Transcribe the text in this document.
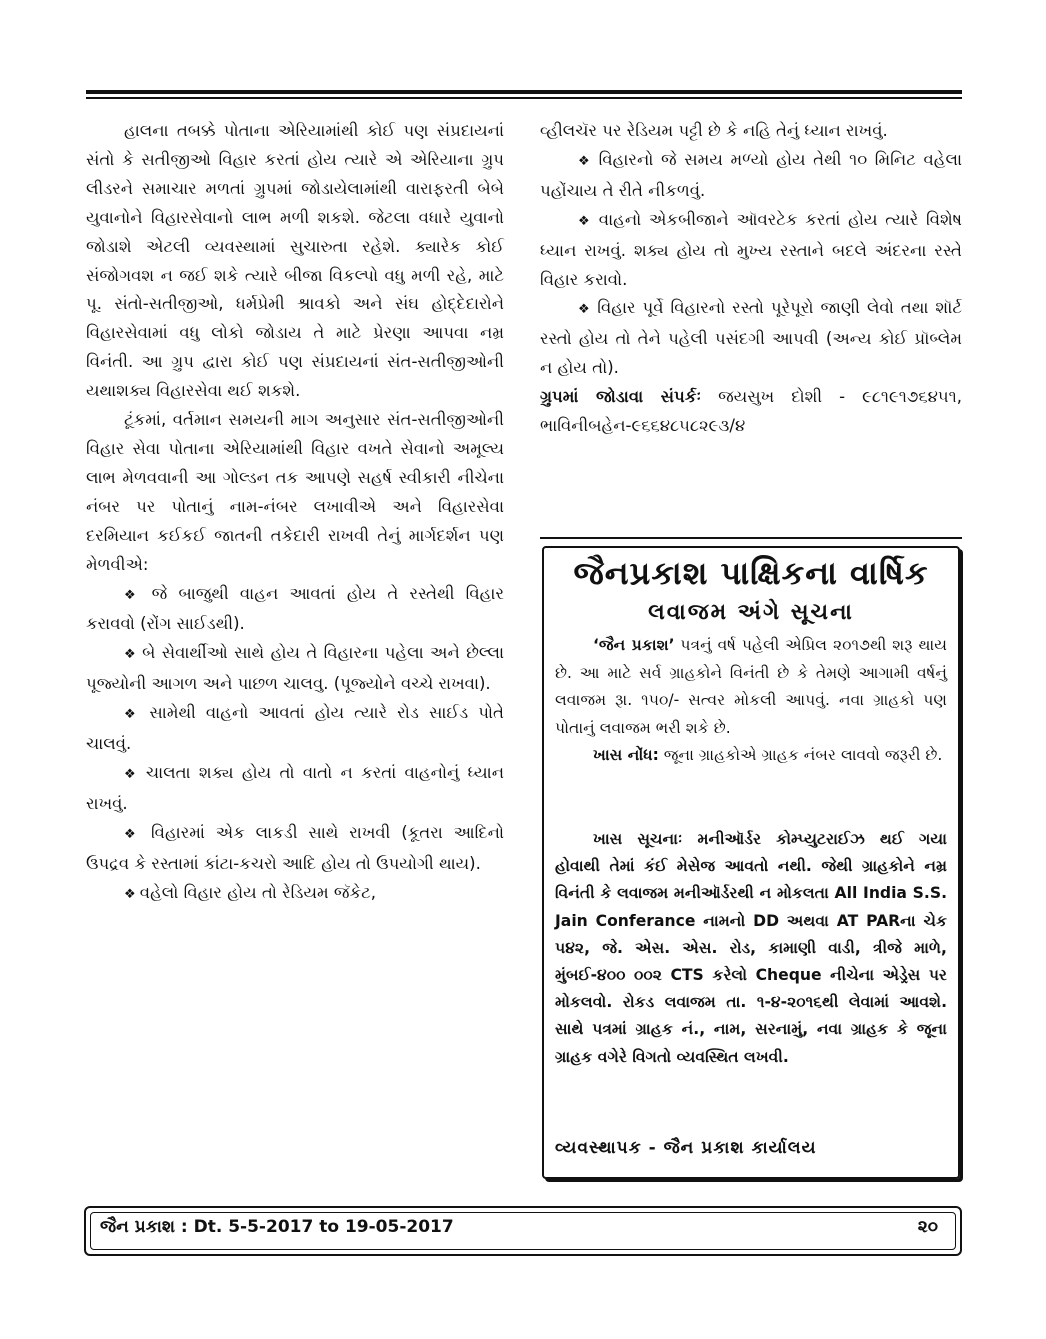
હાલના તબક્કે પોતાના એરિયામાંથી કોઈ પણ સંપ્રદાયનાં સંતો કે સતીજીઓ વિહાર કરતાં હોય ત્યારે એ એરિયાના ગ્રુપ લીડરને સમાચાર મળતાં ગ્રુપમાં જોડાયેલામાંથી વારાફરતી બેબે યુવાનોને વિહારસેવાનો લાભ મળી શકશે. જેટલા વધારે યુવાનો જોડાશે એટલી વ્યવસ્થામાં સુચારુતા રહેશે. ક્યારેક કોઈ સંજોગવશ ન જઈ શકે ત્યારે બીજા વિકલ્પો વધુ મળી રહે, માટે પૂ. સંતો-સતીજીઓ, ધર્મપ્રેમી શ્રાવકો અને સંઘ હોદ્દેદારોને વિહારસેવામાં વધુ લોકો જોડાય તે માટે પ્રેરણા આપવા નમ્ર વિનંતી. આ ગ્રુપ દ્વારા કોઈ પણ સંપ્રદાયનાં સંત-સતીજીઓની યથાશક્ય વિહારસેવા થઈ શકશે.

ટૂંકમાં, વર્તમાન સમયની માગ અનુસાર સંત-સતીજીઓની વિહાર સેવા પોતાના એરિયામાંથી વિહાર વખતે સેવાનો અમૂલ્ય લાભ મેળવવાની આ ગોલ્ડન તક આપણે સહર્ષ સ્વીકારી નીચેના નંબર પર પોતાનું નામ-નંબર લખાવીએ અને વિહારસેવા દરમિયાન કઈકઈ જાતની તકેદારી રાખવી તેનું માર્ગદર્શન પણ મેળવીએ:

❖ જે બાજુથી વાહન આવતાં હોય તે રસ્તેથી વિહાર કરાવવો (રોંગ સાઈડથી).

❖ બે સેવાર્થીઓ સાથે હોય તે વિહારના પહેલા અને છેલ્લા પૂજ્યોની આગળ અને પાછળ ચાલવુ. (પૂજ્યોને વચ્ચે રાખવા).

❖ સામેથી વાહનો આવતાં હોય ત્યારે રોડ સાઈડ પોતે ચાલવું.

❖ ચાલતા શક્ય હોય તો વાતો ન કરતાં વાહનોનું ધ્યાન રાખવું.

❖ વિહારમાં એક લાકડી સાથે રાખવી (કૂતરા આદિનો ઉપદ્રવ કે રસ્તામાં કાંટા-કચરો આદિ હોય તો ઉપયોગી થાય).

❖ વહેલો વિહાર હોય તો રેડિયમ જૅકેટ,

વ્હીલચૅર પર રેડિયમ પટ્ટી છે કે નહિ તેનું ધ્યાન રાખવું.

❖ વિહારનો જે સમય મળ્યો હોય તેથી ૧૦ મિનિટ વહેલા પહોંચાય તે રીતે નીકળવું.

❖ વાહનો એકબીજાને ઑવરટેક કરતાં હોય ત્યારે વિશેષ ધ્યાન રાખવું. શક્ય હોય તો મુખ્ય રસ્તાને બદલે અંદરના રસ્તે વિહાર કરાવો.

❖ વિહાર પૂર્વે વિહારનો રસ્તો પૂરેપૂરો જાણી લેવો તથા શૉર્ટ રસ્તો હોય તો તેને પહેલી પસંદગી આપવી (અન્ય કોઈ પ્રૉબ્લેમ ન હોય તો).

ગ્રુપમાં જોડાવા સંપર્કઃ જયસુખ દોશી - ૯૮૧૯૧૭૬૪૫૧, ભાવિનીબહેન-૯૬૬૪૮૫૮૨૯૩/૪

જૈનપ્રકાશ પાક્ષિકના વાર્ષિક
લવાજમ અંગે સૂચના

‘જૈન પ્રકાશ’ પત્રનું વર્ષ પહેલી એપ્રિલ ૨૦૧૭થી શરૂ થાય છે. આ માટે સર્વ ગ્રાહકોને વિનંતી છે કે તેમણે આગામી વર્ષનું લવાજમ રૂા. ૧૫૦/- સત્વર મોકલી આપવું. નવા ગ્રાહકો પણ પોતાનું લવાજમ ભરી શકે છે.

ખાસ નોંધ: જૂના ગ્રાહકોએ ગ્રાહક નંબર લાવવો જરૂરી છે.

ખાસ સૂચનાઃ મનીઑર્ડર કોમ્પ્યુટરાઈઝ થઈ ગયા હોવાથી તેમાં કંઈ મેસેજ આવતો નથી. જેથી ગ્રાહકોને નમ્ર વિનંતી કે લવાજમ મનીઑર્ડરથી ન મોકલતા All India S.S. Jain Conferance નામનો DD અથવા AT PARના ચેક ૫૪૨, જે. એસ. એસ. રોડ, કામાણી વાડી, ત્રીજે માળે, મુંબઈ-૪૦૦ ૦૦૨ CTS કરેલો Cheque નીચેના એડ્રેસ પર મોકલવો. રોકડ લવાજમ તા. ૧-૪-૨૦૧૬થી લેવામાં આવશે. સાથે પત્રમાં ગ્રાહક નં., નામ, સરનામું, નવા ગ્રાહક કે જૂના ગ્રાહક વગેરે વિગતો વ્યવસ્થિત લખવી.

વ્યવસ્થાપક - જૈન પ્રકાશ કાર્યાલય
જૈન પ્રકાશ : Dt. 5-5-2017 to 19-05-2017	૨૦
